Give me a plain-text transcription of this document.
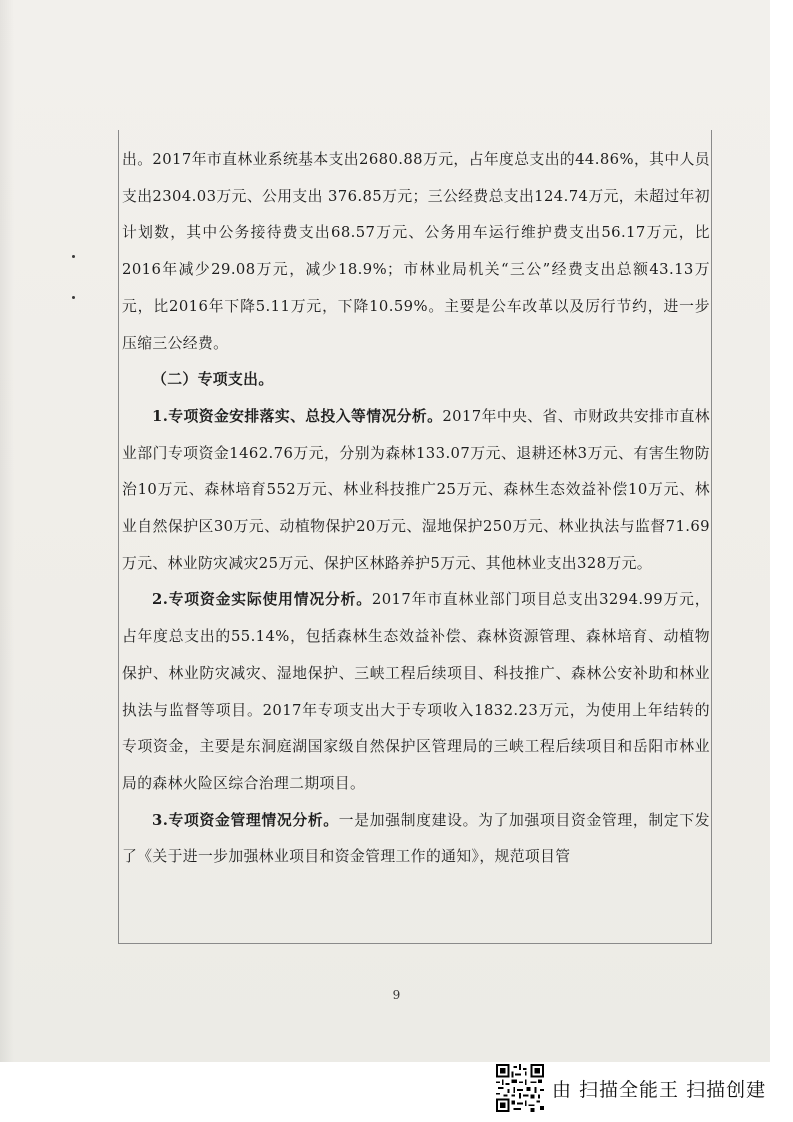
出。2017年市直林业系统基本支出2680.88万元，占年度总支出的44.86%，其中人员支出2304.03万元、公用支出 376.85万元；三公经费总支出124.74万元，未超过年初计划数，其中公务接待费支出68.57万元、公务用车运行维护费支出56.17万元，比2016年减少29.08万元，减少18.9%；市林业局机关“三公”经费支出总额43.13万元，比2016年下降5.11万元，下降10.59%。主要是公车改革以及厉行节约，进一步压缩三公经费。

（二）专项支出。

1.专项资金安排落实、总投入等情况分析。2017年中央、省、市财政共安排市直林业部门专项资金1462.76万元，分别为森林133.07万元、退耕还林3万元、有害生物防治10万元、森林培育552万元、林业科技推广25万元、森林生态效益补偿10万元、林业自然保护区30万元、动植物保护20万元、湿地保护250万元、林业执法与监督71.69万元、林业防灾减灾25万元、保护区林路养护5万元、其他林业支出328万元。

2.专项资金实际使用情况分析。2017年市直林业部门项目总支出3294.99万元，占年度总支出的55.14%，包括森林生态效益补偿、森林资源管理、森林培育、动植物保护、林业防灾减灾、湿地保护、三峡工程后续项目、科技推广、森林公安补助和林业执法与监督等项目。2017年专项支出大于专项收入1832.23万元，为使用上年结转的专项资金，主要是东洞庭湖国家级自然保护区管理局的三峡工程后续项目和岳阳市林业局的森林火险区综合治理二期项目。

3.专项资金管理情况分析。一是加强制度建设。为了加强项目资金管理，制定下发了《关于进一步加强林业项目和资金管理工作的通知》，规范项目管

9
由 扫描全能王 扫描创建
